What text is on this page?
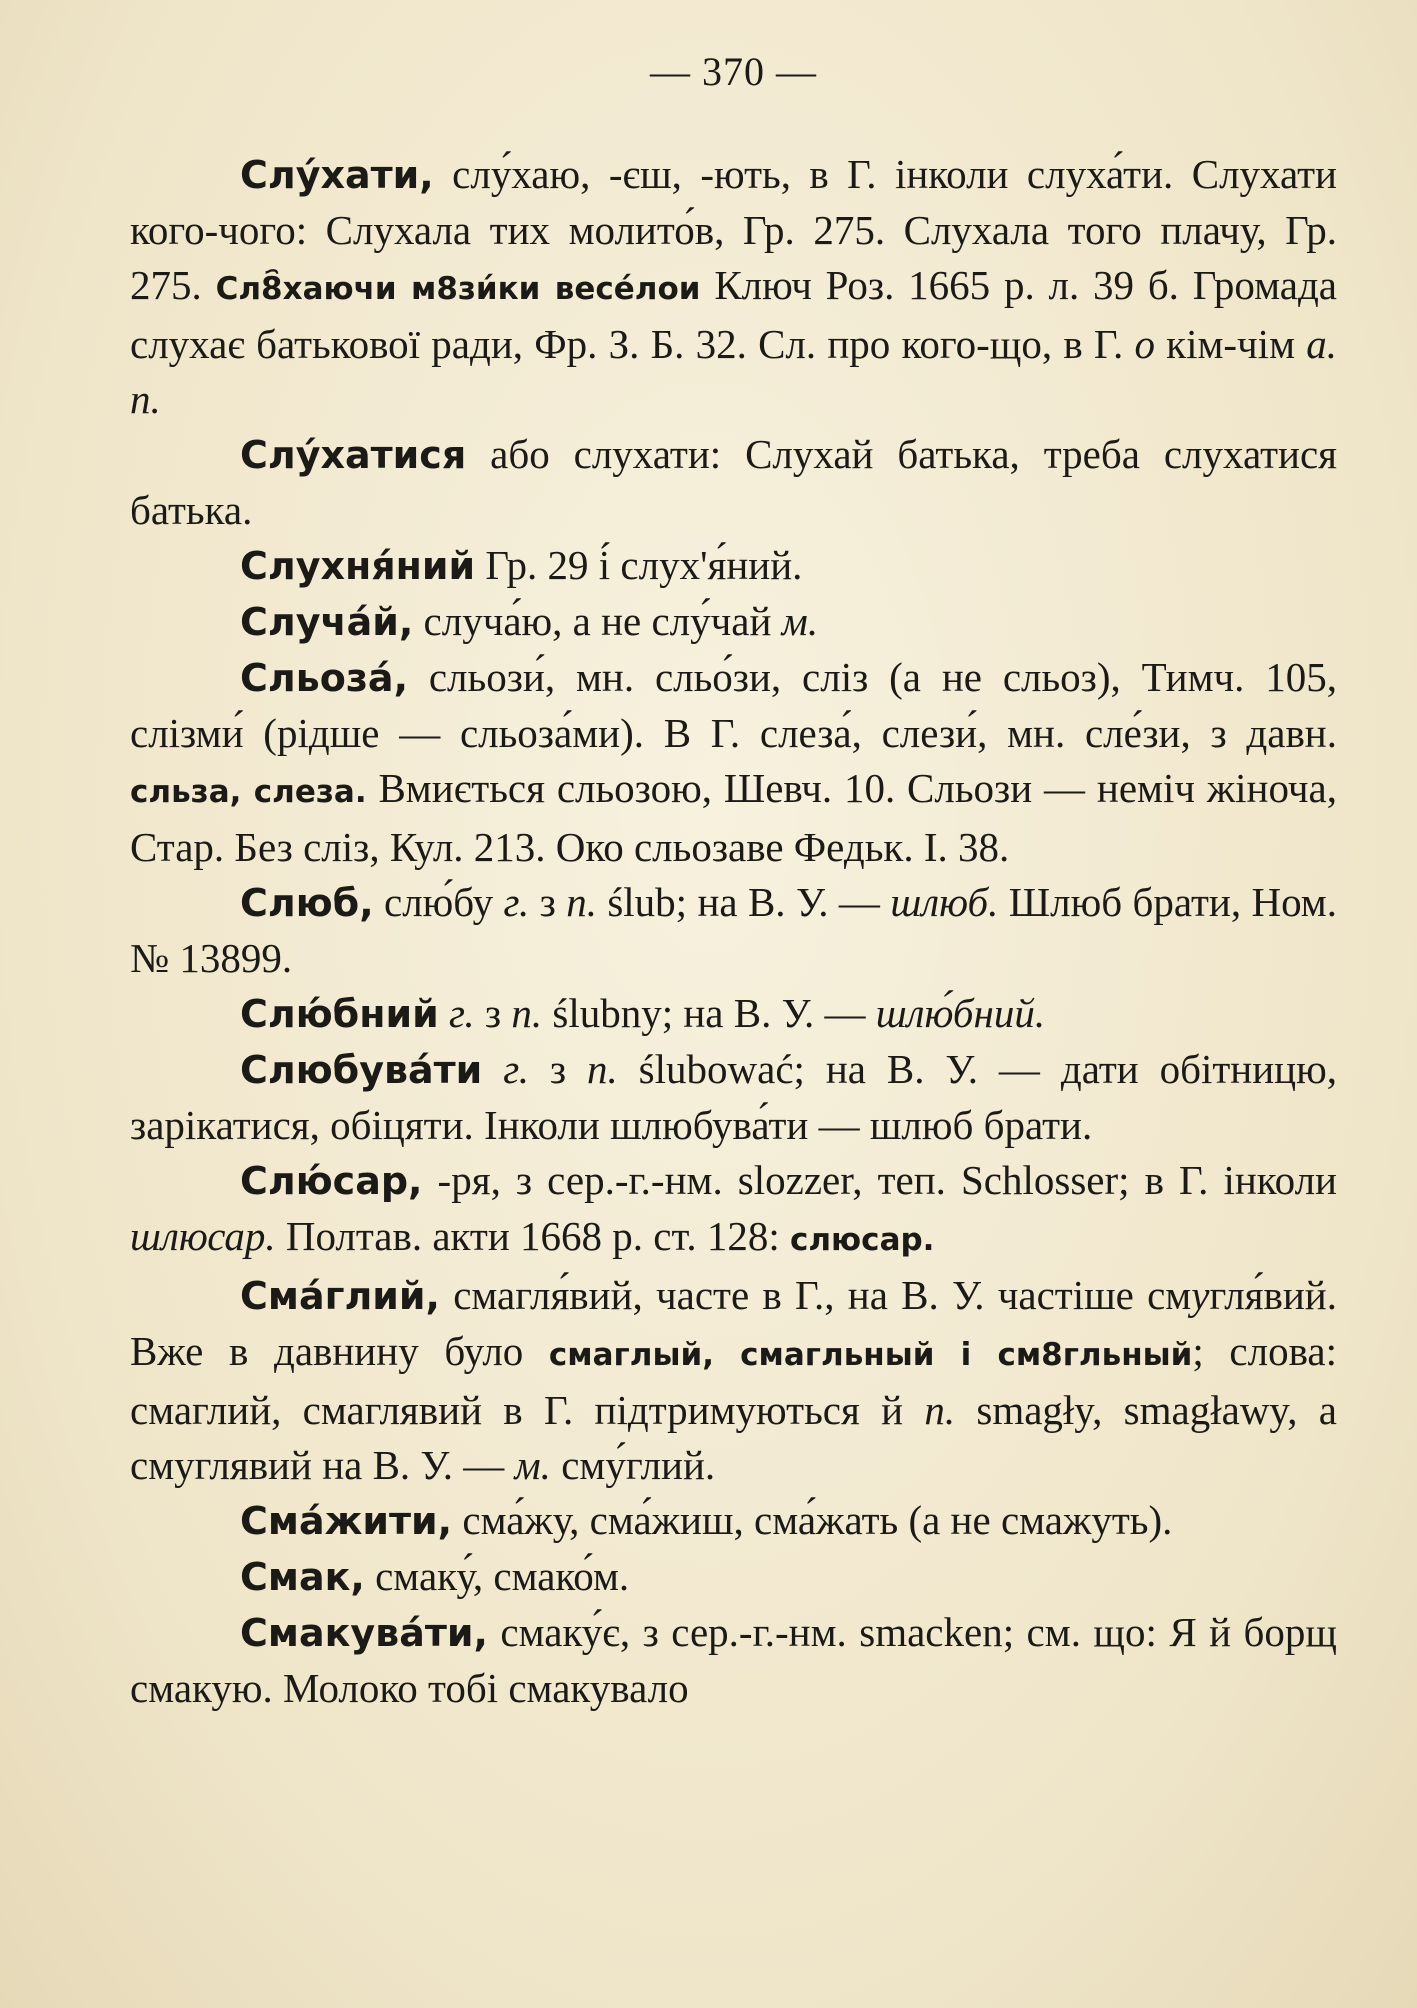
— 370 —

Слу́хати, слу́хаю, -єш, -ють, в Г. інколи слуха́ти. Слухати кого-чого: Слухала тих молито́в, Гр. 275. Слухала того плачу, Гр. 275. Сл8҄хаючи м8зи́ки весе́лои Ключ Роз. 1665 р. л. 39 б. Громада слухає батькової ради, Фр. З. Б. 32. Сл. про кого-що, в Г. о кім-чім а. п.

Слу́хатися або слухати: Слухай батька, треба слухатися батька.

Слухня́ний Гр. 29 і́ слух'я́ний.

Случа́й, случа́ю, а не слу́чай м.

Сльоза́, сльози́, мн. сльо́зи, сліз (а не сльоз), Тимч. 105, слізми́ (рідше — сльоза́ми). В Г. слеза́, слези́, мн. сле́зи, з давн. сльза, слеза. Вмиється сльозою, Шевч. 10. Сльози — неміч жіноча, Стар. Без сліз, Кул. 213. Око сльозаве Федьк. І. 38.

Слюб, слю́бу г. з п. ślub; на В. У. — шлюб. Шлюб брати, Ном. № 13899.

Слю́бний г. з п. ślubny; на В. У. — шлю́бний.

Слюбува́ти г. з п. ślubować; на В. У. — дати обітницю, зарікатися, обіцяти. Інколи шлюбува́ти — шлюб брати.

Слю́сар, -ря, з сер.-г.-нм. slozzer, теп. Schlosser; в Г. інколи шлюсар. Полтав. акти 1668 р. ст. 128: слюсар.

Сма́глий, смагля́вий, часте в Г., на В. У. частіше смугля́вий. Вже в давнину було смаглый, смагльный і см8гльный; слова: смаглий, смаглявий в Г. підтримуються й п. smagły, smagławy, а смуглявий на В. У. — м. сму́глий.

Сма́жити, сма́жу, сма́жиш, сма́жать (а не смажуть).

Смак, смаку́, смако́м.

Смакува́ти, смаку́є, з сер.-г.-нм. smacken; см. що: Я й борщ смакую. Молоко тобі смакувало
